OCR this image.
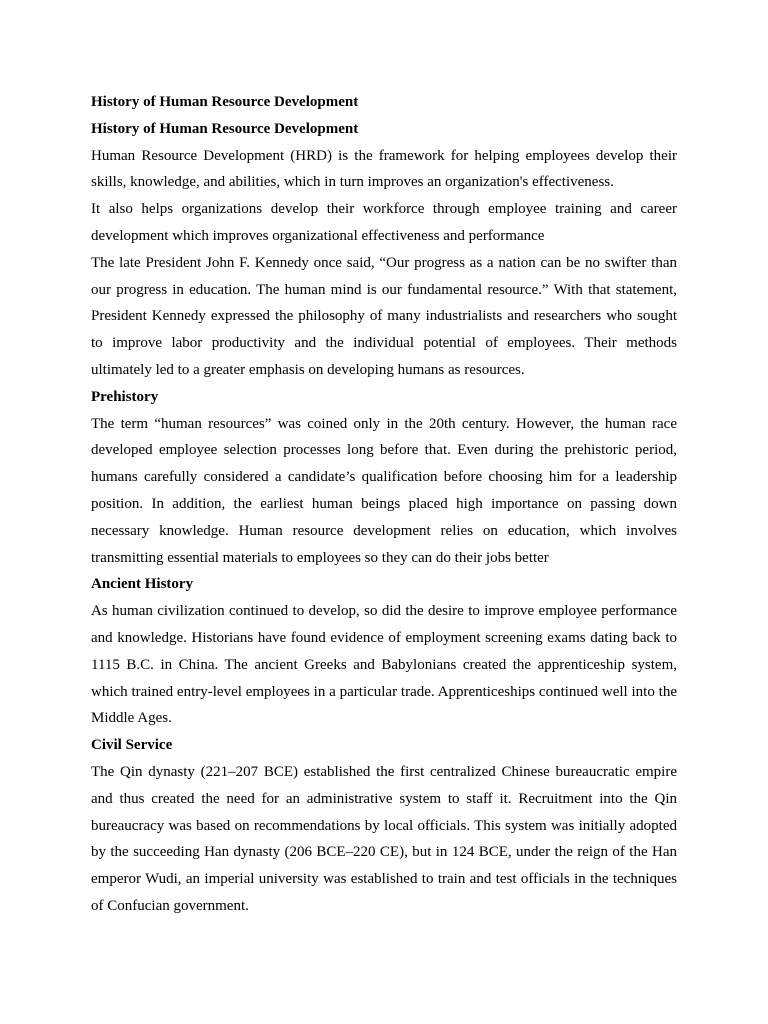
History of Human Resource Development
History of Human Resource Development

Human Resource Development (HRD) is the framework for helping employees develop their skills, knowledge, and abilities, which in turn improves an organization's effectiveness.

It also helps organizations develop their workforce through employee training and career development which improves organizational effectiveness and performance

The late President John F. Kennedy once said, “Our progress as a nation can be no swifter than our progress in education. The human mind is our fundamental resource.” With that statement, President Kennedy expressed the philosophy of many industrialists and researchers who sought to improve labor productivity and the individual potential of employees. Their methods ultimately led to a greater emphasis on developing humans as resources.

Prehistory

The term “human resources” was coined only in the 20th century. However, the human race developed employee selection processes long before that. Even during the prehistoric period, humans carefully considered a candidate’s qualification before choosing him for a leadership position. In addition, the earliest human beings placed high importance on passing down necessary knowledge. Human resource development relies on education, which involves transmitting essential materials to employees so they can do their jobs better

Ancient History

As human civilization continued to develop, so did the desire to improve employee performance and knowledge. Historians have found evidence of employment screening exams dating back to 1115 B.C. in China. The ancient Greeks and Babylonians created the apprenticeship system, which trained entry-level employees in a particular trade. Apprenticeships continued well into the Middle Ages.

Civil Service

The Qin dynasty (221–207 BCE) established the first centralized Chinese bureaucratic empire and thus created the need for an administrative system to staff it. Recruitment into the Qin bureaucracy was based on recommendations by local officials. This system was initially adopted by the succeeding Han dynasty (206 BCE–220 CE), but in 124 BCE, under the reign of the Han emperor Wudi, an imperial university was established to train and test officials in the techniques of Confucian government.
